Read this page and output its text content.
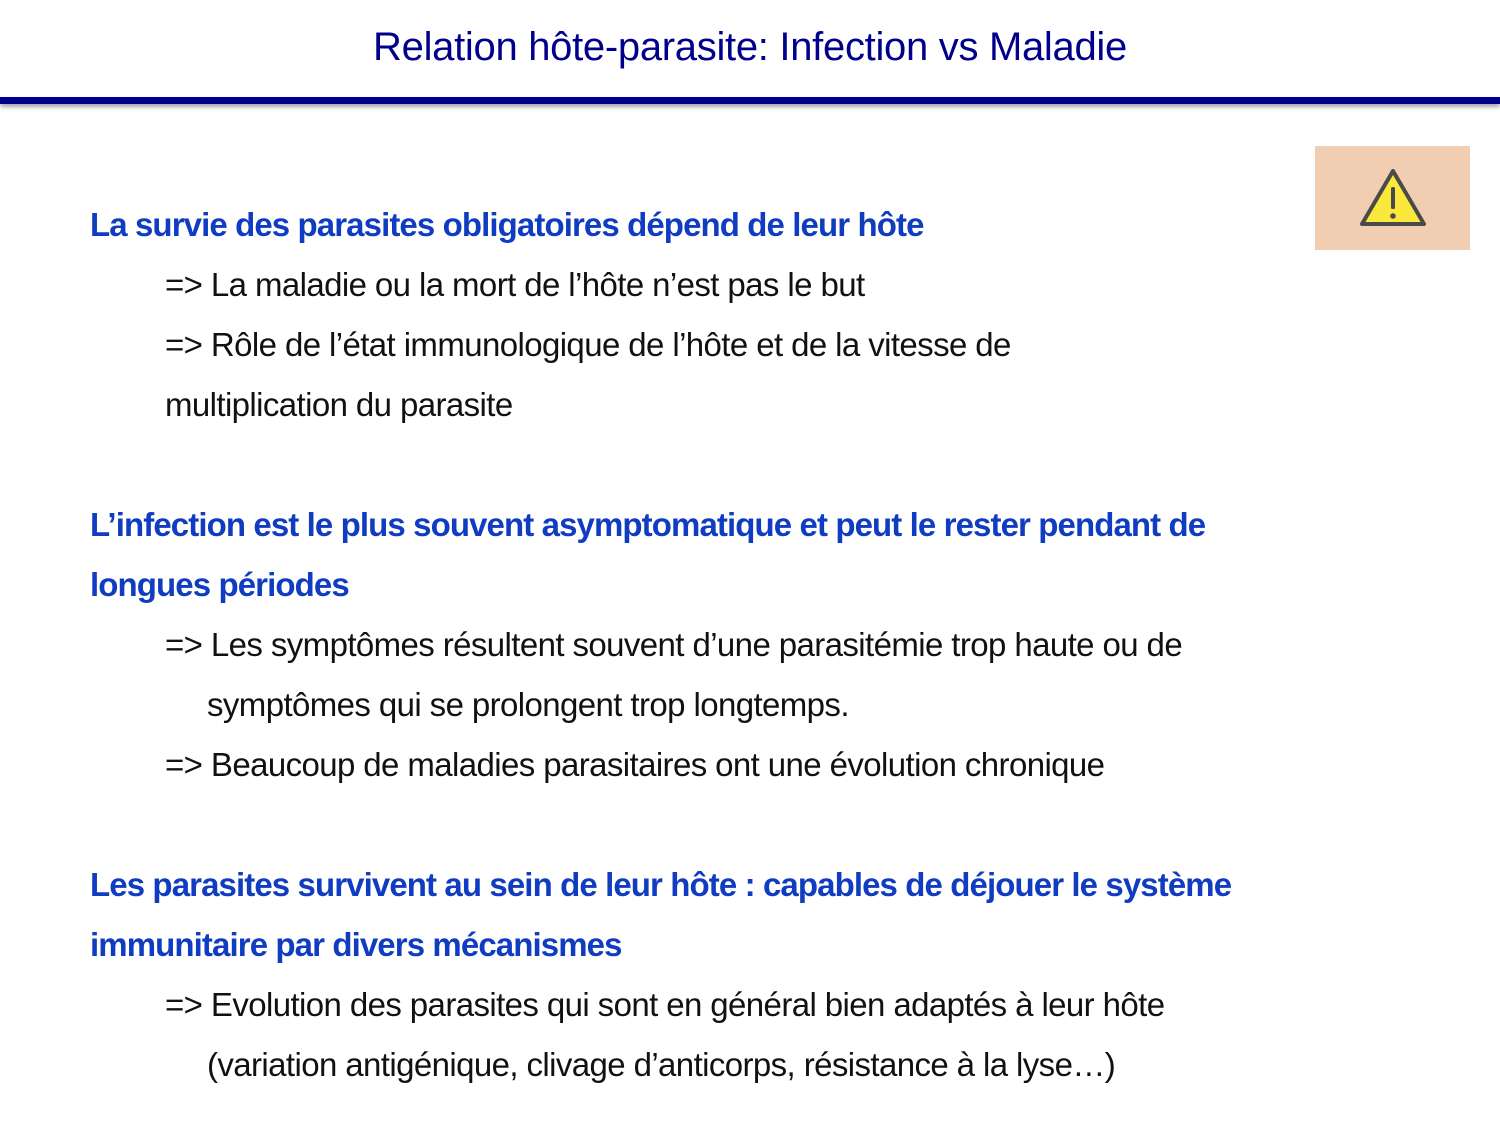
Relation hôte-parasite: Infection vs Maladie
La survie des parasites obligatoires dépend de leur hôte
=> La maladie ou la mort de l’hôte n’est pas le but
=> Rôle de l’état immunologique de l’hôte et de la vitesse de
multiplication du parasite
L’infection est le plus souvent asymptomatique et peut le rester pendant de
longues périodes
=> Les symptômes résultent souvent d’une parasitémie trop haute ou de
symptômes qui se prolongent trop longtemps.
=> Beaucoup de maladies parasitaires ont une évolution chronique
Les parasites survivent au sein de leur hôte : capables de déjouer le système
immunitaire par divers mécanismes
=> Evolution des parasites qui sont en général bien adaptés à leur hôte
(variation antigénique, clivage d’anticorps, résistance à la lyse…)
